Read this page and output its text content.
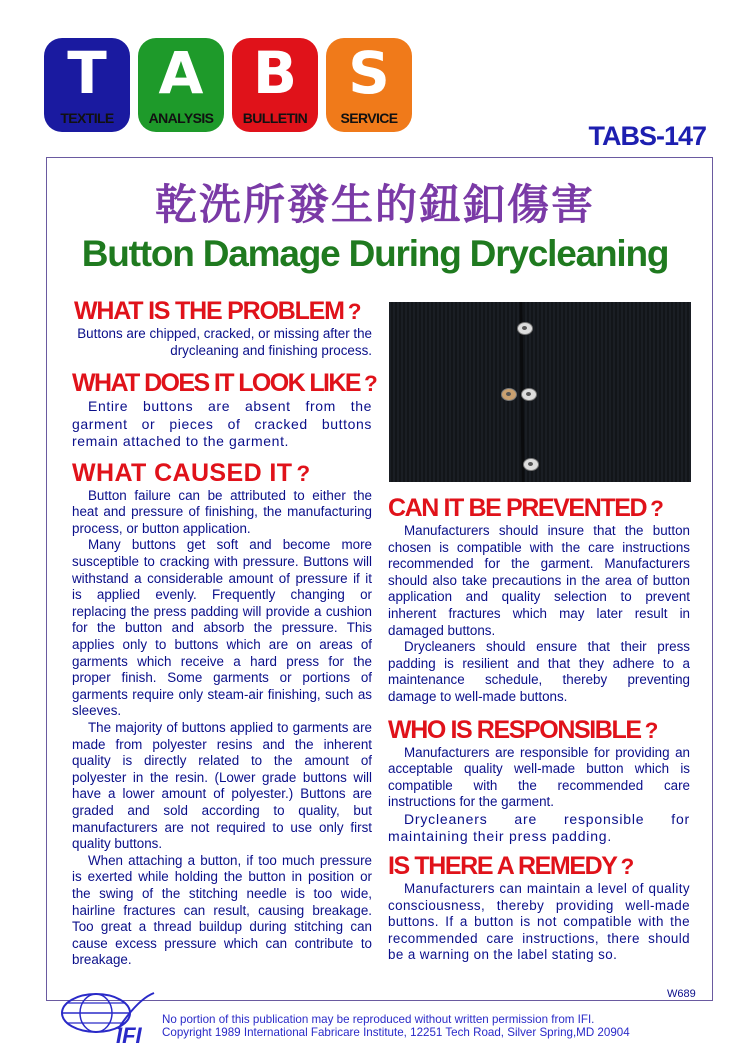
T
TEXTILE
A
ANALYSIS
B
BULLETIN
S
SERVICE
TABS-147
乾洗所發生的鈕釦傷害
Button Damage During Drycleaning
WHAT IS THE PROBLEM ?

Buttons are chipped, cracked, or missing after the drycleaning and finishing process.

WHAT DOES IT LOOK LIKE ?

Entire buttons are absent from the garment or pieces of cracked buttons remain attached to the garment.

WHAT CAUSED IT ?

Button failure can be attributed to either the heat and pressure of finishing, the manufacturing process, or button application.

Many buttons get soft and become more susceptible to cracking with pressure. Buttons will withstand a considerable amount of pressure if it is applied evenly. Frequently changing or replacing the press padding will provide a cushion for the button and absorb the pressure. This applies only to buttons which are on areas of garments which receive a hard press for the proper finish. Some garments or portions of garments require only steam-air finishing, such as sleeves.

The majority of buttons applied to garments are made from polyester resins and the inherent quality is directly related to the amount of polyester in the resin. (Lower grade buttons will have a lower amount of polyester.) Buttons are graded and sold according to quality, but manufacturers are not required to use only first quality buttons.

When attaching a button, if too much pressure is exerted while holding the button in position or the swing of the stitching needle is too wide, hairline fractures can result, causing breakage. Too great a thread buildup during stitching can cause excess pressure which can contribute to breakage.

CAN IT BE PREVENTED ?

Manufacturers should insure that the button chosen is compatible with the care instructions recommended for the garment. Manufacturers should also take precautions in the area of button application and quality selection to prevent inherent fractures which may later result in damaged buttons.

Drycleaners should ensure that their press padding is resilient and that they adhere to a maintenance schedule, thereby preventing damage to well-made buttons.

WHO IS RESPONSIBLE ?

Manufacturers are responsible for providing an acceptable quality well-made button which is compatible with the recommended care instructions for the garment.

Drycleaners are responsible for maintaining their press padding.

IS THERE A REMEDY ?

Manufacturers can maintain a level of quality consciousness, thereby providing well-made buttons. If a button is not compatible with the recommended care instructions, there should be a warning on the label stating so.

W689
IFI
No portion of this publication may be reproduced without written permission from IFI.
Copyright 1989 International Fabricare Institute, 12251 Tech Road, Silver Spring,MD 20904
